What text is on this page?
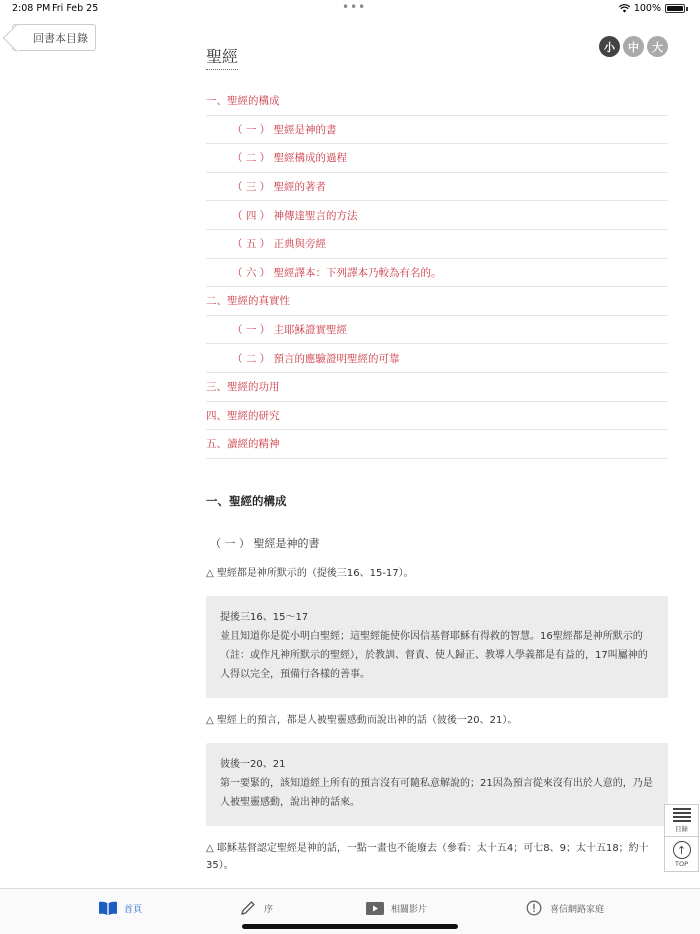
2:08 PM Fri Feb 25	•••	100%
回書本目錄
聖經	小	中	大
一、聖經的構成
（ 一 ） 聖經是神的書
（ 二 ） 聖經構成的過程
（ 三 ） 聖經的著者
（ 四 ） 神傳達聖言的方法
（ 五 ） 正典與旁經
（ 六 ） 聖經譯本：下列譯本乃較為有名的。
二、聖經的真實性
（ 一 ） 主耶穌證實聖經
（ 二 ） 預言的應驗證明聖經的可靠
三、聖經的功用
四、聖經的研究
五、讀經的精神
一、聖經的構成
（ 一 ） 聖經是神的書
△ 聖經都是神所默示的（提後三16、15-17）。
提後三16、15～17
並且知道你是從小明白聖經；這聖經能使你因信基督耶穌有得救的智慧。16聖經都是神所默示的（註：或作凡神所默示的聖經），於教訓、督責、使人歸正、教導人學義都是有益的，17叫屬神的人得以完全，預備行各樣的善事。
△ 聖經上的預言，都是人被聖靈感動而說出神的話（彼後一20、21）。
彼後一20、21
第一要緊的，該知道經上所有的預言沒有可隨私意解說的；21因為預言從來沒有出於人意的，乃是人被聖靈感動，說出神的話來。
△ 耶穌基督認定聖經是神的話，一點一畫也不能廢去（參看：太十五4；可七8、9；太十五18；約十35）。
目錄
↑
TOP
首頁	序	相關影片	喜信網路家庭
